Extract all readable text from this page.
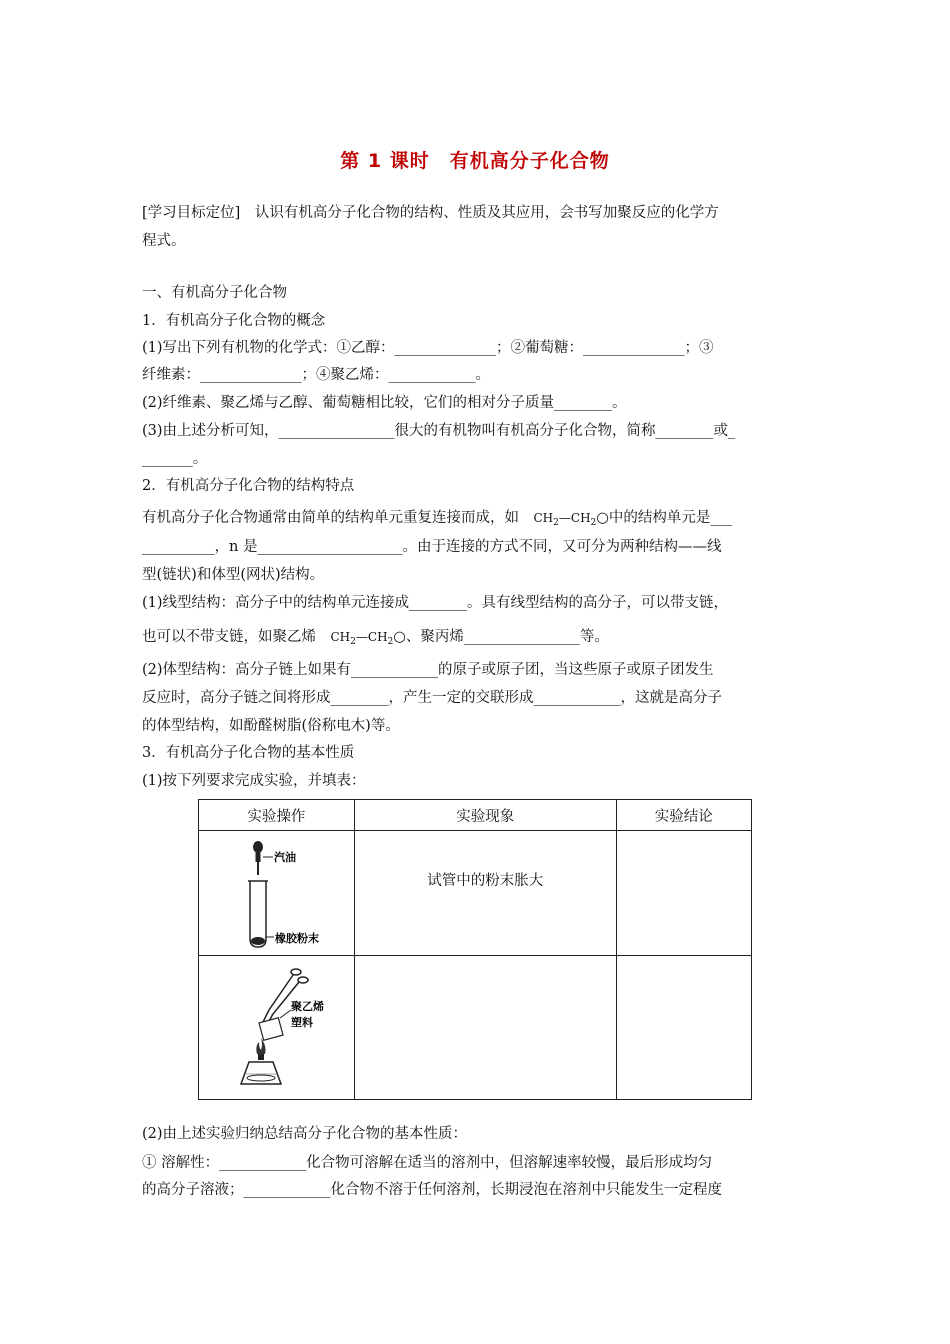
第 1 课时　有机高分子化合物
[学习目标定位]　认识有机高分子化合物的结构、性质及其应用，会书写加聚反应的化学方
程式。
一、有机高分子化合物
1．有机高分子化合物的概念
(1)写出下列有机物的化学式：①乙醇：______________；②葡萄糖：______________；③
纤维素：______________；④聚乙烯：____________。
(2)纤维素、聚乙烯与乙醇、葡萄糖相比较，它们的相对分子质量________。
(3)由上述分析可知，________________很大的有机物叫有机高分子化合物，简称________或_
_______。
2．有机高分子化合物的结构特点
有机高分子化合物通常由简单的结构单元重复连接而成，如　$CH_2—CH_2○$中的结构单元是___
__________，n 是____________________。由于连接的方式不同，又可分为两种结构——线
型(链状)和体型(网状)结构。
(1)线型结构：高分子中的结构单元连接成________。具有线型结构的高分子，可以带支链，
也可以不带支链，如聚乙烯　$CH_2—CH_2○$、聚丙烯________________等。
(2)体型结构：高分子链上如果有____________的原子或原子团，当这些原子或原子团发生
反应时，高分子链之间将形成________，产生一定的交联形成____________，这就是高分子
的体型结构，如酚醛树脂(俗称电木)等。
3．有机高分子化合物的基本性质
(1)按下列要求完成实验，并填表：
实验操作	实验现象	实验结论

汽油
橡胶粉末	试管中的粉末胀大	

聚乙烯
塑料		

(2)由上述实验归纳总结高分子化合物的基本性质：
① 溶解性：____________化合物可溶解在适当的溶剂中，但溶解速率较慢，最后形成均匀
的高分子溶液；____________化合物不溶于任何溶剂，长期浸泡在溶剂中只能发生一定程度
